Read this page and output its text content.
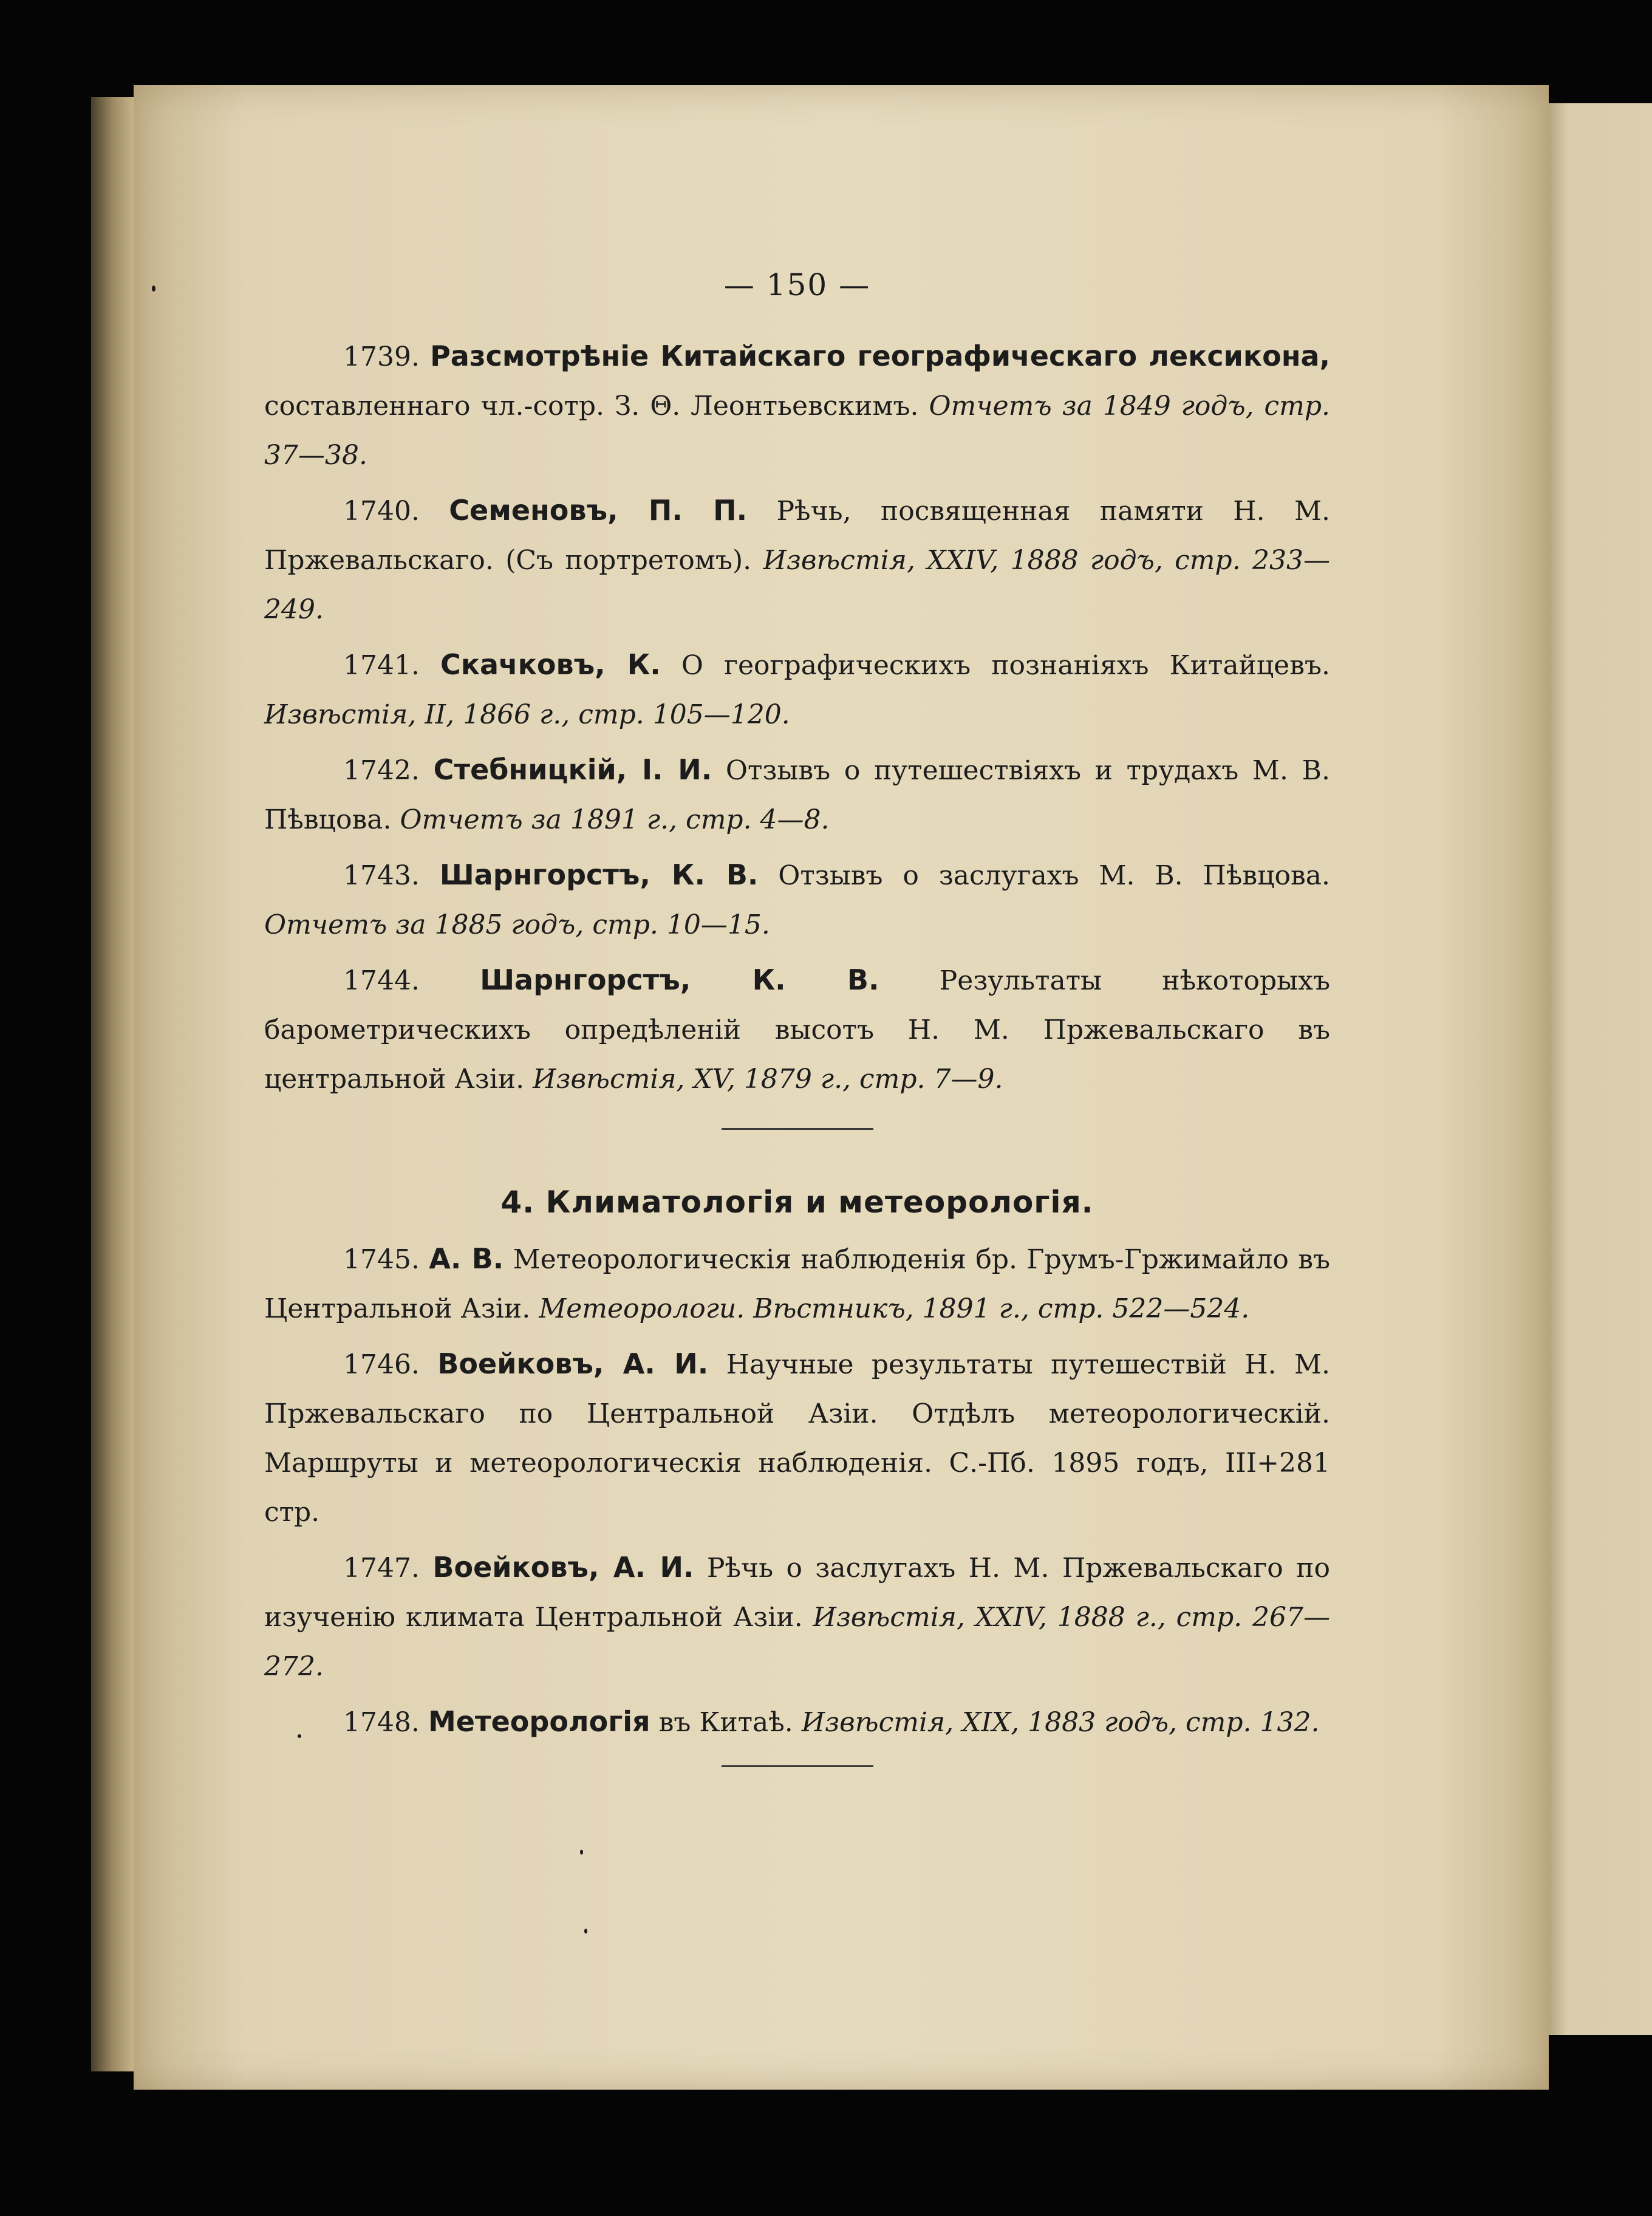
— 150 —

1739. Разсмотрѣніе Китайскаго географическаго лексикона, составленнаго чл.-сотр. З. Θ. Леонтьевскимъ. Отчетъ за 1849 годъ, стр. 37—38.

1740. Семеновъ, П. П. Рѣчь, посвященная памяти Н. М. Пржевальскаго. (Съ портретомъ). Извѣстія, XXIV, 1888 годъ, стр. 233—249.

1741. Скачковъ, К. О географическихъ познаніяхъ Китайцевъ. Извѣстія, II, 1866 г., стр. 105—120.

1742. Стебницкій, І. И. Отзывъ о путешествіяхъ и трудахъ М. В. Пѣвцова. Отчетъ за 1891 г., стр. 4—8.

1743. Шарнгорстъ, К. В. Отзывъ о заслугахъ М. В. Пѣвцова. Отчетъ за 1885 годъ, стр. 10—15.

1744. Шарнгорстъ, К. В. Результаты нѣкоторыхъ барометрическихъ опредѣленій высотъ Н. М. Пржевальскаго въ центральной Азіи. Извѣстія, XV, 1879 г., стр. 7—9.

4. Климатологія и метеорологія.

1745. А. В. Метеорологическія наблюденія бр. Грумъ-Гржимайло въ Центральной Азіи. Метеорологи. Вѣстникъ, 1891 г., стр. 522—524.

1746. Воейковъ, А. И. Научные результаты путешествій Н. М. Пржевальскаго по Центральной Азіи. Отдѣлъ метеорологическій. Маршруты и метеорологическія наблюденія. С.-Пб. 1895 годъ, III+281 стр.

1747. Воейковъ, А. И. Рѣчь о заслугахъ Н. М. Пржевальскаго по изученію климата Центральной Азіи. Извѣстія, XXIV, 1888 г., стр. 267—272.

1748. Метеорологія въ Китаѣ. Извѣстія, XIX, 1883 годъ, стр. 132.
